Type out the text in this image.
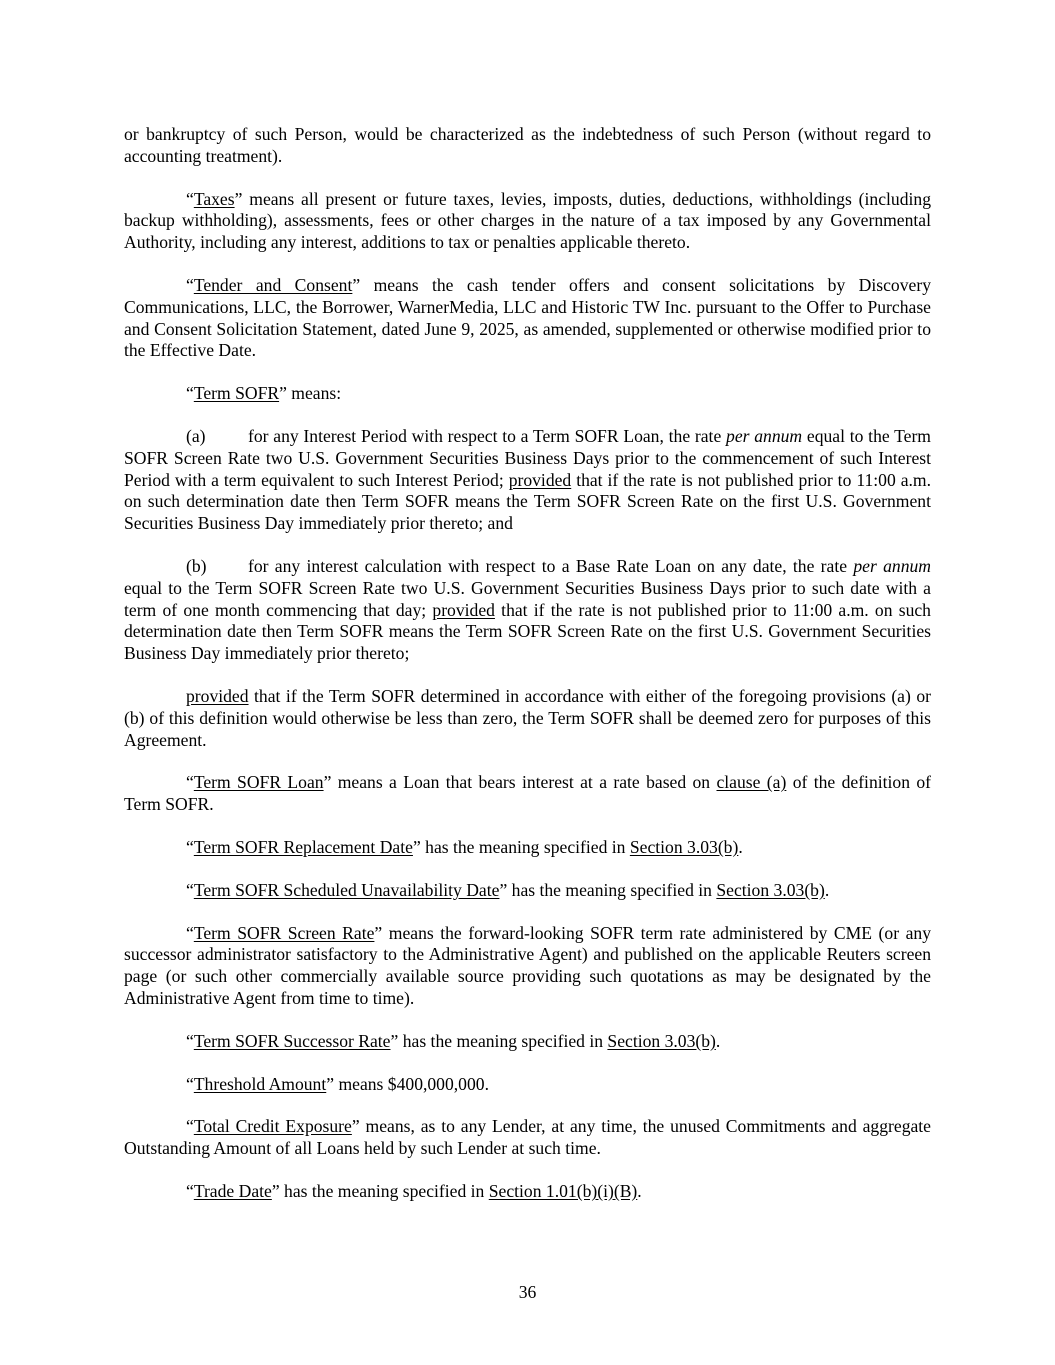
or bankruptcy of such Person, would be characterized as the indebtedness of such Person (without regard to accounting treatment).

“Taxes” means all present or future taxes, levies, imposts, duties, deductions, withholdings (including backup withholding), assessments, fees or other charges in the nature of a tax imposed by any Governmental Authority, including any interest, additions to tax or penalties applicable thereto.

“Tender and Consent” means the cash tender offers and consent solicitations by Discovery Communications, LLC, the Borrower, WarnerMedia, LLC and Historic TW Inc. pursuant to the Offer to Purchase and Consent Solicitation Statement, dated June 9, 2025, as amended, supplemented or otherwise modified prior to the Effective Date.

“Term SOFR” means:

(a) for any Interest Period with respect to a Term SOFR Loan, the rate per annum equal to the Term SOFR Screen Rate two U.S. Government Securities Business Days prior to the commencement of such Interest Period with a term equivalent to such Interest Period; provided that if the rate is not published prior to 11:00 a.m. on such determination date then Term SOFR means the Term SOFR Screen Rate on the first U.S. Government Securities Business Day immediately prior thereto; and

(b) for any interest calculation with respect to a Base Rate Loan on any date, the rate per annum equal to the Term SOFR Screen Rate two U.S. Government Securities Business Days prior to such date with a term of one month commencing that day; provided that if the rate is not published prior to 11:00 a.m. on such determination date then Term SOFR means the Term SOFR Screen Rate on the first U.S. Government Securities Business Day immediately prior thereto;

provided that if the Term SOFR determined in accordance with either of the foregoing provisions (a) or (b) of this definition would otherwise be less than zero, the Term SOFR shall be deemed zero for purposes of this Agreement.

“Term SOFR Loan” means a Loan that bears interest at a rate based on clause (a) of the definition of Term SOFR.

“Term SOFR Replacement Date” has the meaning specified in Section 3.03(b).

“Term SOFR Scheduled Unavailability Date” has the meaning specified in Section 3.03(b).

“Term SOFR Screen Rate” means the forward-looking SOFR term rate administered by CME (or any successor administrator satisfactory to the Administrative Agent) and published on the applicable Reuters screen page (or such other commercially available source providing such quotations as may be designated by the Administrative Agent from time to time).

“Term SOFR Successor Rate” has the meaning specified in Section 3.03(b).

“Threshold Amount” means $400,000,000.

“Total Credit Exposure” means, as to any Lender, at any time, the unused Commitments and aggregate Outstanding Amount of all Loans held by such Lender at such time.

“Trade Date” has the meaning specified in Section 1.01(b)(i)(B).

36
